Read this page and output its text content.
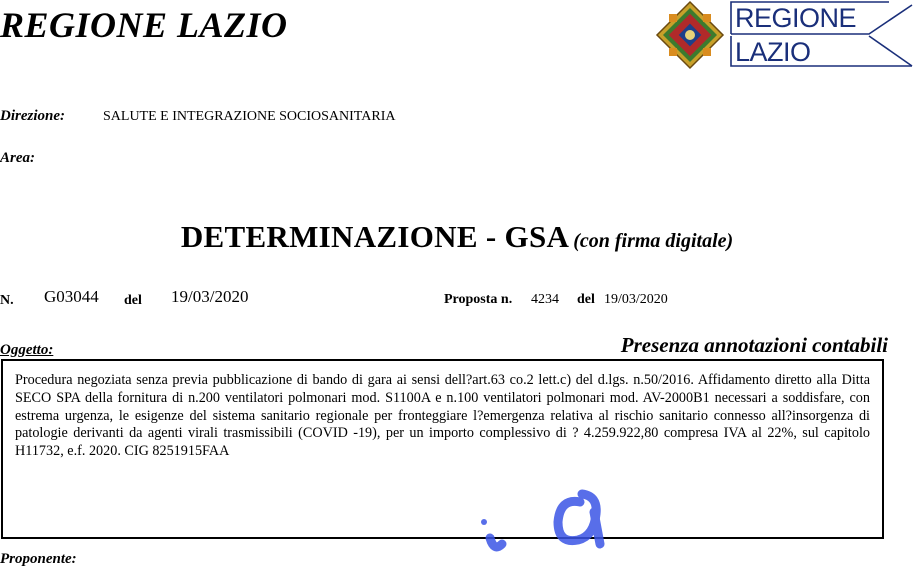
REGIONE LAZIO	REGIONE
LAZIO
Direzione:	SALUTE E INTEGRAZIONE SOCIOSANITARIA
Area:
DETERMINAZIONE - GSA (con firma digitale)
N. G03044 del 19/03/2020	Proposta n. 4234 del 19/03/2020
Oggetto:	Presenza annotazioni contabili
Procedura negoziata senza previa pubblicazione di bando di gara ai sensi dell?art.63 co.2 lett.c) del d.lgs. n.50/2016. Affidamento diretto alla Ditta SECO SPA della fornitura di n.200 ventilatori polmonari mod. S1100A e n.100 ventilatori polmonari mod. AV-2000B1 necessari a soddisfare, con estrema urgenza, le esigenze del sistema sanitario regionale per fronteggiare l?emergenza relativa al rischio sanitario connesso all?insorgenza di patologie derivanti da agenti virali trasmissibili (COVID -19), per un importo complessivo di ? 4.259.922,80 compresa IVA al 22%, sul capitolo H11732, e.f. 2020. CIG 8251915FAA
Proponente:
